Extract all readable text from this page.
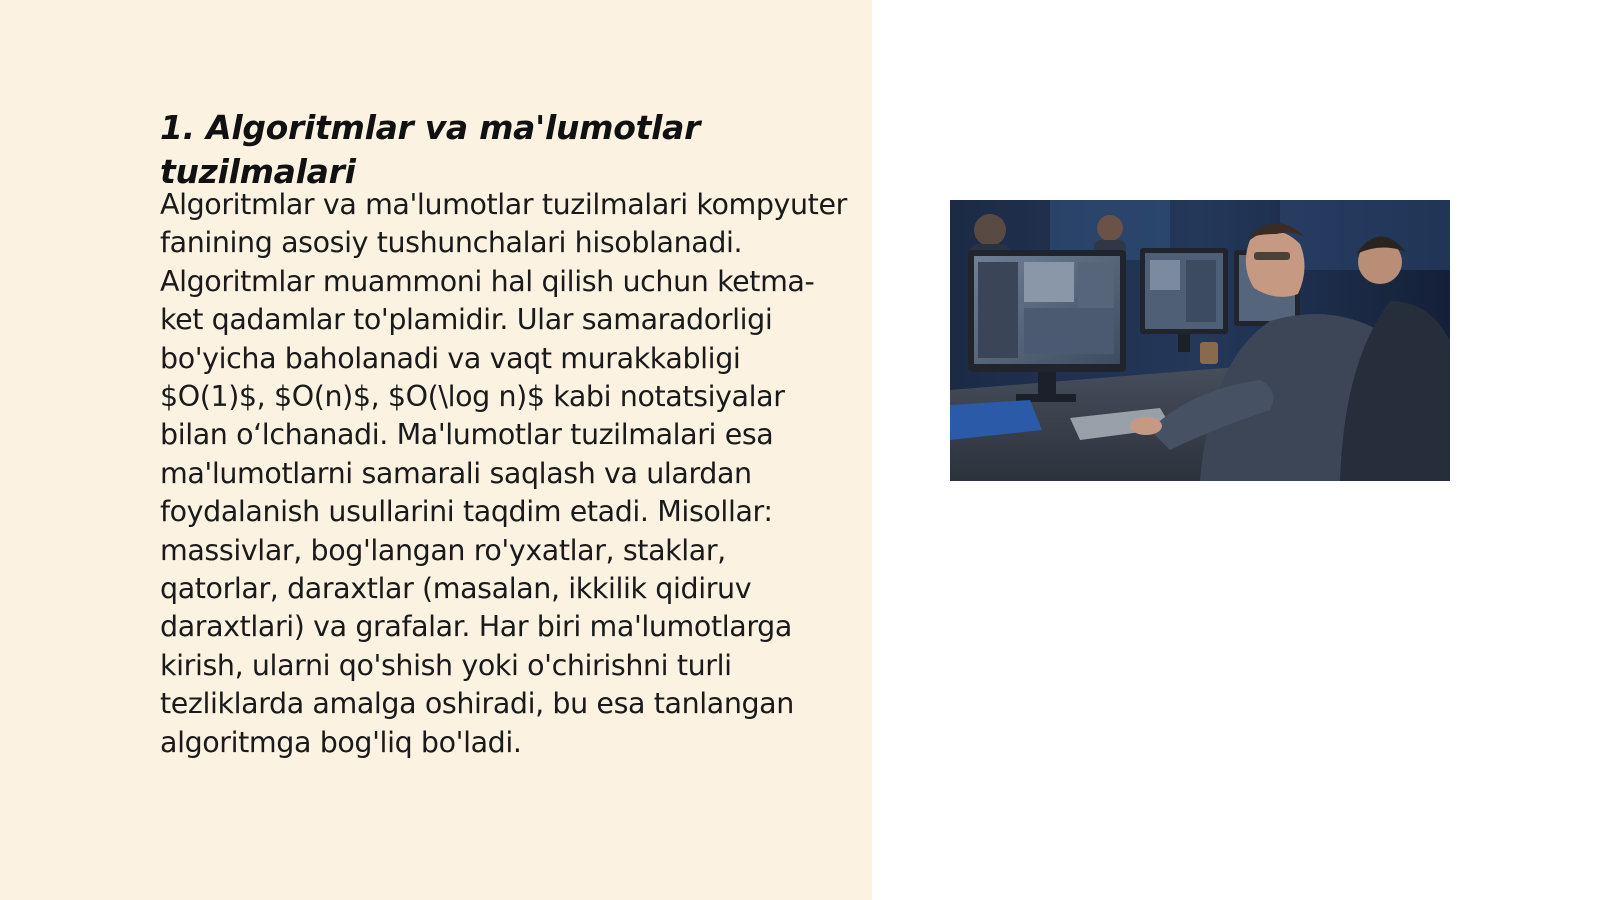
1. Algoritmlar va ma'lumotlar tuzilmalari

Algoritmlar va ma'lumotlar tuzilmalari kompyuter fanining asosiy tushunchalari hisoblanadi. Algoritmlar muammoni hal qilish uchun ketma-ket qadamlar to'plamidir. Ular samaradorligi bo'yicha baholanadi va vaqt murakkabligi $O(1)$, $O(n)$, $O(\log n)$ kabi notatsiyalar bilan o‘lchanadi. Ma'lumotlar tuzilmalari esa ma'lumotlarni samarali saqlash va ulardan foydalanish usullarini taqdim etadi. Misollar: massivlar, bog'langan ro'yxatlar, staklar, qatorlar, daraxtlar (masalan, ikkilik qidiruv daraxtlari) va grafalar. Har biri ma'lumotlarga kirish, ularni qo'shish yoki o'chirishni turli tezliklarda amalga oshiradi, bu esa tanlangan algoritmga bog'liq bo'ladi.
